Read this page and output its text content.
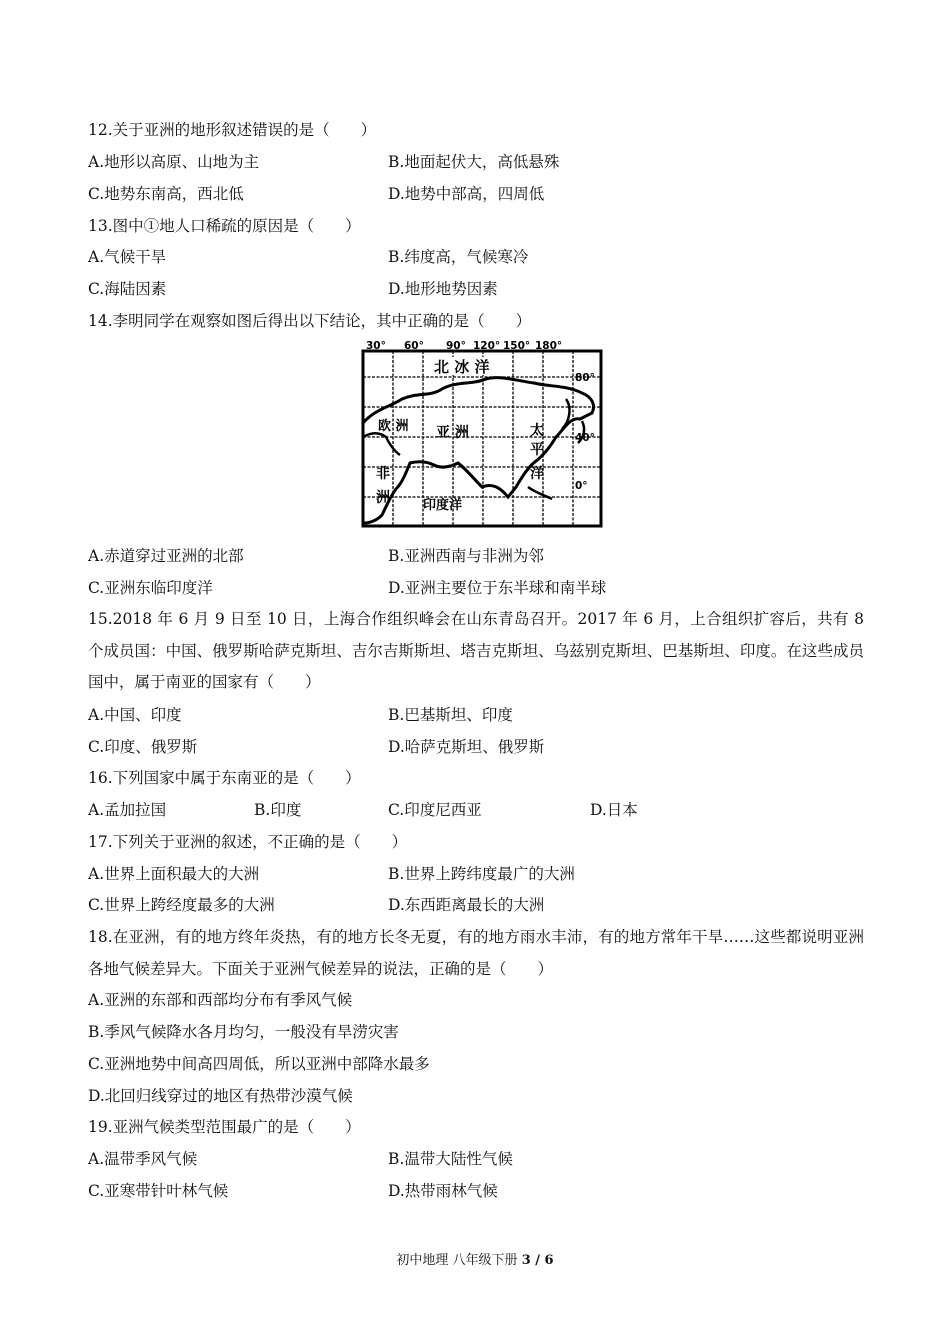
12.关于亚洲的地形叙述错误的是（　　）
A.地形以高原、山地为主	B.地面起伏大，高低悬殊
C.地势东南高，西北低	D.地势中部高，四周低
13.图中①地人口稀疏的原因是（　　）
A.气候干旱	B.纬度高，气候寒冷
C.海陆因素	D.地形地势因素
14.李明同学在观察如图后得出以下结论，其中正确的是（　　）
30° 60° 90° 120° 150° 180°
80°
40°
0°
北 冰 洋
欧 洲 亚 洲
非
洲	印度洋
太
平
洋
A.赤道穿过亚洲的北部	B.亚洲西南与非洲为邻
C.亚洲东临印度洋	D.亚洲主要位于东半球和南半球
15.2018 年 6 月 9 日至 10 日，上海合作组织峰会在山东青岛召开。2017 年 6 月，上合组织扩容后，共有 8 个成员国：中国、俄罗斯哈萨克斯坦、吉尔吉斯斯坦、塔吉克斯坦、乌兹别克斯坦、巴基斯坦、印度。在这些成员国中，属于南亚的国家有（　　）
A.中国、印度	B.巴基斯坦、印度
C.印度、俄罗斯	D.哈萨克斯坦、俄罗斯
16.下列国家中属于东南亚的是（　　）
A.孟加拉国	B.印度	C.印度尼西亚	D.日本
17.下列关于亚洲的叙述，不正确的是（　　）
A.世界上面积最大的大洲	B.世界上跨纬度最广的大洲
C.世界上跨经度最多的大洲	D.东西距离最长的大洲
18.在亚洲，有的地方终年炎热，有的地方长冬无夏，有的地方雨水丰沛，有的地方常年干旱……这些都说明亚洲各地气候差异大。下面关于亚洲气候差异的说法，正确的是（　　）
A.亚洲的东部和西部均分布有季风气候
B.季风气候降水各月均匀，一般没有旱涝灾害
C.亚洲地势中间高四周低，所以亚洲中部降水最多
D.北回归线穿过的地区有热带沙漠气候
19.亚洲气候类型范围最广的是（　　）
A.温带季风气候	B.温带大陆性气候
C.亚寒带针叶林气候	D.热带雨林气候
初中地理 八年级下册 3 / 6
